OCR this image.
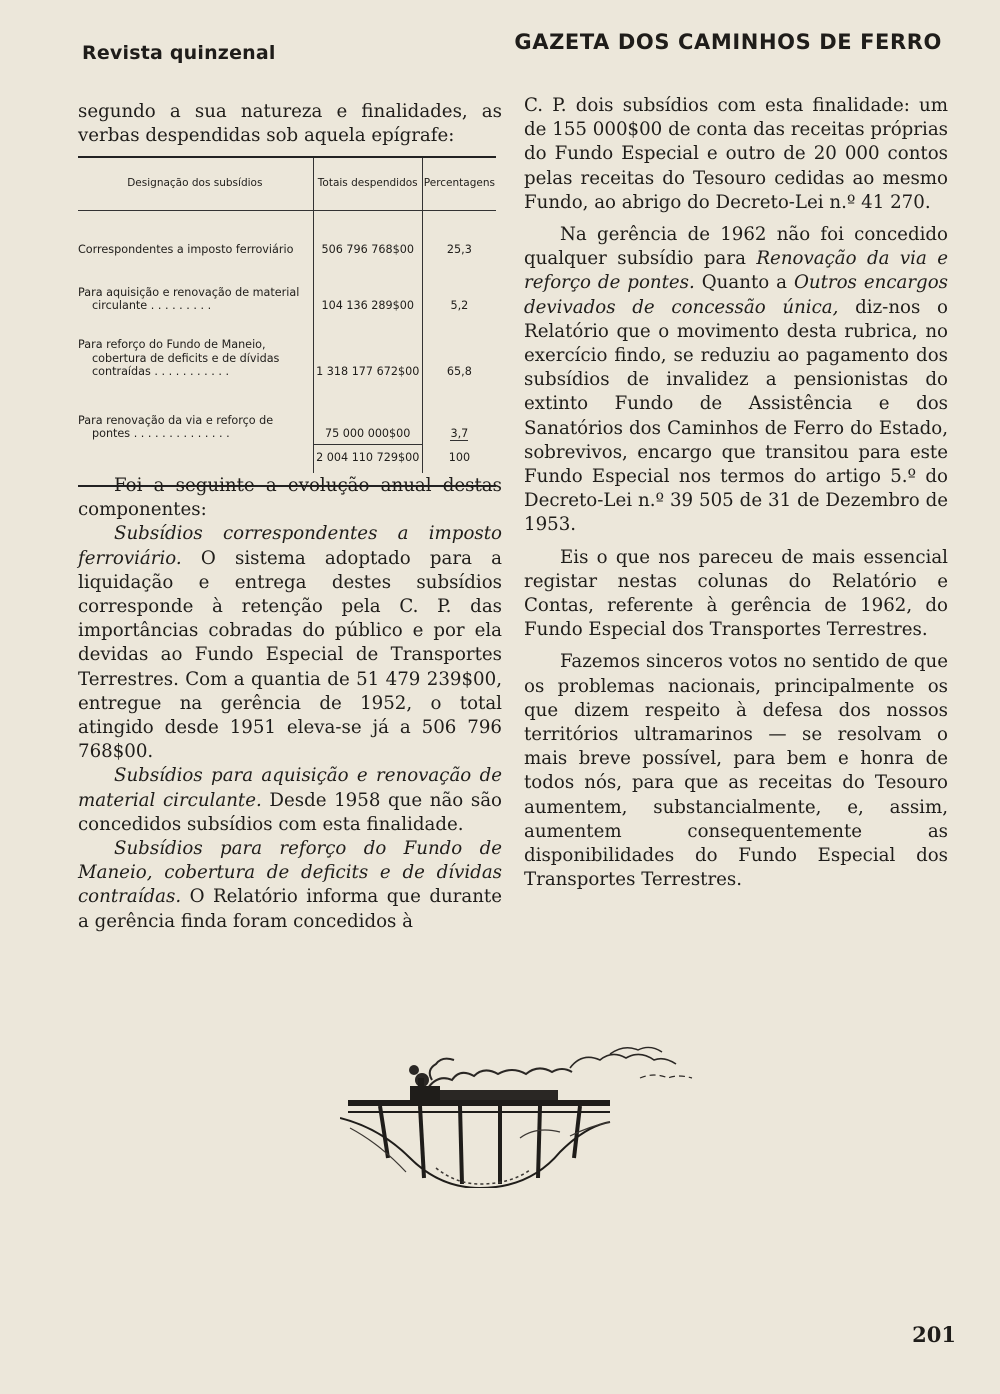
Revista quinzenal	GAZETA DOS CAMINHOS DE FERRO

segundo a sua natureza e finalidades, as verbas despendidas sob aquela epígrafe:

Designação dos subsídios	Totais despendidos	Percentagens
Correspondentes a imposto ferroviário	506 796 768$00	25,3

Para aquisição e renovação de material circulante . . . . . . . . .	104 136 289$00	5,2

Para reforço do Fundo de Maneio, cobertura de deficits e de dívidas contraídas . . . . . . . . . . .	1 318 177 672$00	65,8

Para renovação da via e reforço de pontes . . . . . . . . . . . . . .	75 000 000$00	3,7
	2 004 110 729$00	100

Foi a seguinte a evolução anual destas componentes:

Subsídios correspondentes a imposto ferroviário. O sistema adoptado para a liquidação e entrega destes subsídios corresponde à retenção pela C. P. das importâncias cobradas do público e por ela devidas ao Fundo Especial de Transportes Terrestres. Com a quantia de 51 479 239$00, entregue na gerência de 1952, o total atingido desde 1951 eleva-se já a 506 796 768$00.

Subsídios para aquisição e renovação de material circulante. Desde 1958 que não são concedidos subsídios com esta finalidade.

Subsídios para reforço do Fundo de Maneio, cobertura de deficits e de dívidas contraídas. O Relatório informa que durante a gerência finda foram concedidos à

C. P. dois subsídios com esta finalidade: um de 155 000$00 de conta das receitas próprias do Fundo Especial e outro de 20 000 contos pelas receitas do Tesouro cedidas ao mesmo Fundo, ao abrigo do Decreto-Lei n.º 41 270.

Na gerência de 1962 não foi concedido qualquer subsídio para Renovação da via e reforço de pontes. Quanto a Outros encargos devivados de concessão única, diz-nos o Relatório que o movimento desta rubrica, no exercício findo, se reduziu ao pagamento dos subsídios de invalidez a pensionistas do extinto Fundo de Assistência e dos Sanatórios dos Caminhos de Ferro do Estado, sobrevivos, encargo que transitou para este Fundo Especial nos termos do artigo 5.º do Decreto-Lei n.º 39 505 de 31 de Dezembro de 1953.

Eis o que nos pareceu de mais essencial registar nestas colunas do Relatório e Contas, referente à gerência de 1962, do Fundo Especial dos Transportes Terrestres.

Fazemos sinceros votos no sentido de que os problemas nacionais, principalmente os que dizem respeito à defesa dos nossos territórios ultramarinos — se resolvam o mais breve possível, para bem e honra de todos nós, para que as receitas do Tesouro aumentem, substancialmente, e, assim, aumentem consequentemente as disponibilidades do Fundo Especial dos Transportes Terrestres.

201
